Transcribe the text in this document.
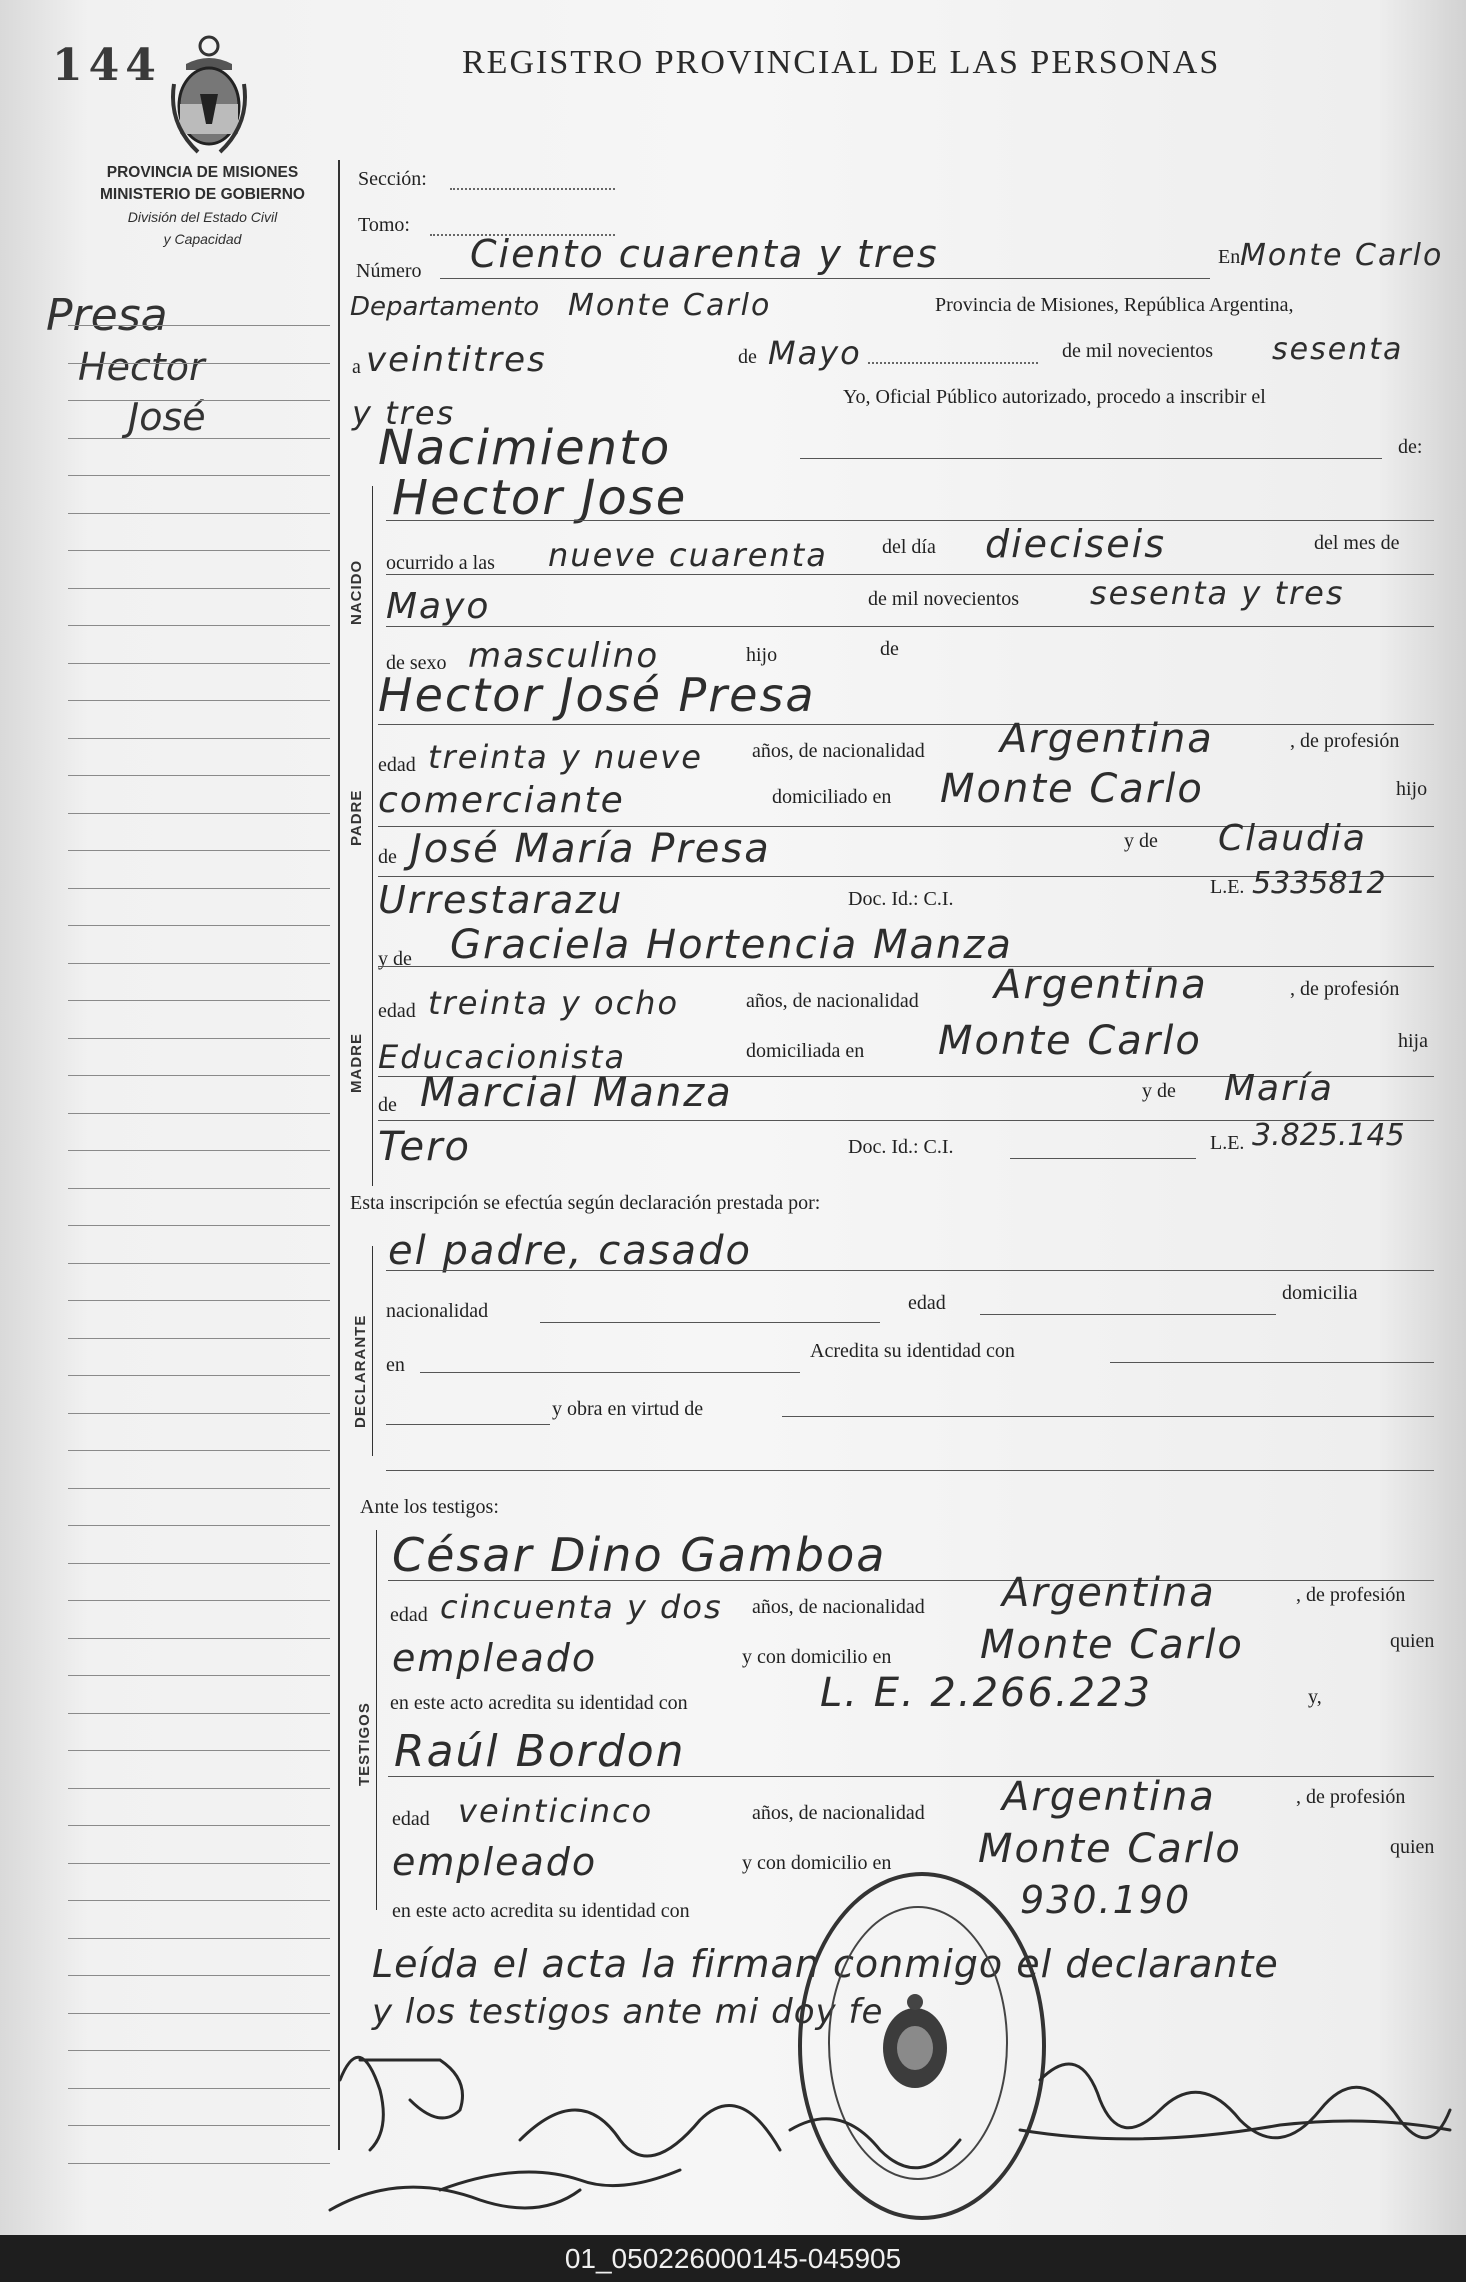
144	REGISTRO PROVINCIAL DE LAS PERSONAS
PROVINCIA DE MISIONES
MINISTERIO DE GOBIERNO
División del Estado Civil
y Capacidad
Presa
Hector
José
NACIDO
PADRE
MADRE
DECLARANTE
TESTIGOS
Sección:
Tomo:
Número Ciento cuarenta y tres	En Monte Carlo
Departamento Monte Carlo	Provincia de Misiones, República Argentina,
a veintitres	de Mayo	de mil novecientos sesenta
y tres	Yo, Oficial Público autorizado, procedo a inscribir el
Nacimiento	de:
Hector Jose
ocurrido a las nueve cuarenta	del día dieciseis	del mes de
Mayo	de mil novecientos sesenta y tres
de sexo masculino	hijo	de
Hector José Presa
edad treinta y nueve años, de nacionalidad Argentina	, de profesión
comerciante	domiciliado en Monte Carlo	hijo
de José María Presa	y de Claudia
Urrestarazu	Doc. Id.: C.I.
L.E. 5335812
y de Graciela Hortencia Manza
edad treinta y ocho	años, de nacionalidad Argentina	, de profesión
Educacionista	domiciliada en Monte Carlo	hija
de Marcial Manza	y de María
Tero	Doc. Id.: C.I.	L.E. 3.825.145
Esta inscripción se efectúa según declaración prestada por:
el padre, casado
nacionalidad	edad	domicilia
en
Acredita su identidad con
y obra en virtud de
Ante los testigos:
César Dino Gamboa
edad cincuenta y dos años, de nacionalidad Argentina	, de profesión
empleado	y con domicilio en Monte Carlo	quien
en este acto acredita su identidad con	L. E. 2.266.223	y,
Raúl Bordon
edad veinticinco	años, de nacionalidad Argentina	, de profesión
empleado	y con domicilio en Monte Carlo	quien
en este acto acredita su identidad con	930.190
Leída el acta la firman conmigo el declarante
y los testigos ante mi doy fe
01_050226000145-045905
